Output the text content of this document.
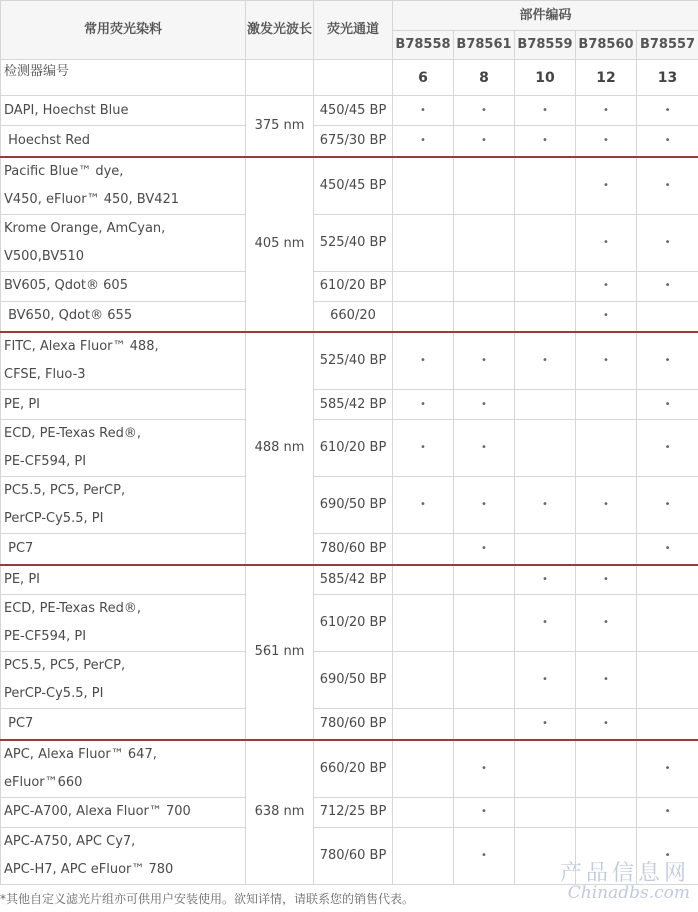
常用荧光染料	激发光波长	荧光通道	部件编码				
			B78558	B78561	B78559	B78560	B78557
检测器编号			6	8	10	12	13

DAPI, Hoechst Blue	375 nm	450/45 BP	•	•	•	•	•

Hoechst Red		675/30 BP	•	•	•	•	•

Pacific Blue™ dye,
V450, eFluor™ 450, BV421	405 nm	450/45 BP				•	•

Krome Orange, AmCyan,
V500,BV510		525/40 BP				•	•

BV605, Qdot® 605		610/20 BP				•	•

BV650, Qdot® 655		660/20				•	

FITC, Alexa Fluor™ 488,
CFSE, Fluo-3	488 nm	525/40 BP	•	•	•	•	•

PE, PI		585/42 BP	•	•			•

ECD, PE-Texas Red®,
PE-CF594, PI		610/20 BP	•	•			•

PC5.5, PC5, PerCP,
PerCP-Cy5.5, PI		690/50 BP	•	•	•	•	•

PC7		780/60 BP		•			•

PE, PI	561 nm	585/42 BP			•	•	

ECD, PE-Texas Red®,
PE-CF594, PI		610/20 BP			•	•	

PC5.5, PC5, PerCP,
PerCP-Cy5.5, PI		690/50 BP			•	•	

PC7		780/60 BP			•	•	

APC, Alexa Fluor™ 647,
eFluor™660	638 nm	660/20 BP		•			•

APC-A700, Alexa Fluor™ 700		712/25 BP		•			•

APC-A750, APC Cy7,
APC-H7, APC eFluor™ 780		780/60 BP		•			•
*其他自定义滤光片组亦可供用户安装使用。欲知详情，请联系您的销售代表。
产品信息网
Chinadbs.com
